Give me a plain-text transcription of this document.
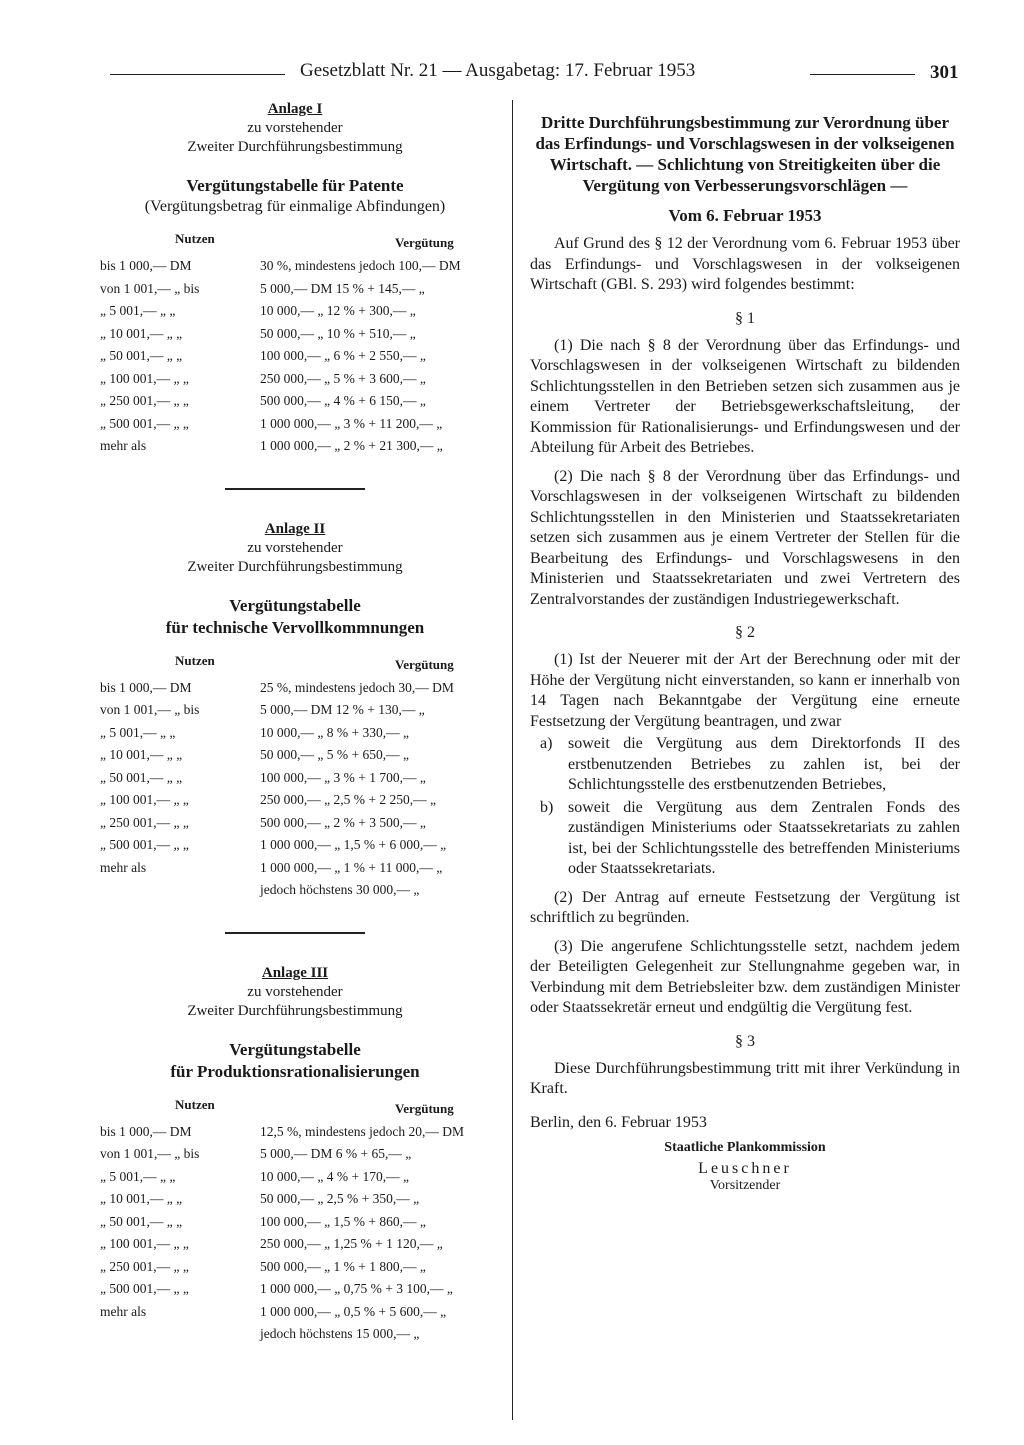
Gesetzblatt Nr. 21 — Ausgabetag: 17. Februar 1953	301
Anlage I
zu vorstehender
Zweiter Durchführungsbestimmung
Vergütungstabelle für Patente
(Vergütungsbetrag für einmalige Abfindungen)
Nutzen	Vergütung
bis 1 000,— DM	30 %, mindestens jedoch 100,— DM
von 1 001,— „ bis	5 000,— DM 15 % + 145,— „
„ 5 001,— „ „	10 000,— „ 12 % + 300,— „
„ 10 001,— „ „	50 000,— „ 10 % + 510,— „
„ 50 001,— „ „	100 000,— „ 6 % + 2 550,— „
„ 100 001,— „ „	250 000,— „ 5 % + 3 600,— „
„ 250 001,— „ „	500 000,— „ 4 % + 6 150,— „
„ 500 001,— „ „	1 000 000,— „ 3 % + 11 200,— „
mehr als	1 000 000,— „ 2 % + 21 300,— „
Anlage II
zu vorstehender
Zweiter Durchführungsbestimmung
Vergütungstabelle
für technische Vervollkommnungen
Nutzen	Vergütung
bis 1 000,— DM	25 %, mindestens jedoch 30,— DM
von 1 001,— „ bis	5 000,— DM 12 % + 130,— „
„ 5 001,— „ „	10 000,— „ 8 % + 330,— „
„ 10 001,— „ „	50 000,— „ 5 % + 650,— „
„ 50 001,— „ „	100 000,— „ 3 % + 1 700,— „
„ 100 001,— „ „	250 000,— „ 2,5 % + 2 250,— „
„ 250 001,— „ „	500 000,— „ 2 % + 3 500,— „
„ 500 001,— „ „	1 000 000,— „ 1,5 % + 6 000,— „
mehr als	1 000 000,— „ 1 % + 11 000,— „
jedoch höchstens 30 000,— „
Anlage III
zu vorstehender
Zweiter Durchführungsbestimmung
Vergütungstabelle
für Produktionsrationalisierungen
Nutzen	Vergütung
bis 1 000,— DM	12,5 %, mindestens jedoch 20,— DM
von 1 001,— „ bis	5 000,— DM 6 % + 65,— „
„ 5 001,— „ „	10 000,— „ 4 % + 170,— „
„ 10 001,— „ „	50 000,— „ 2,5 % + 350,— „
„ 50 001,— „ „	100 000,— „ 1,5 % + 860,— „
„ 100 001,— „ „	250 000,— „ 1,25 % + 1 120,— „
„ 250 001,— „ „	500 000,— „ 1 % + 1 800,— „
„ 500 001,— „ „	1 000 000,— „ 0,75 % + 3 100,— „
mehr als	1 000 000,— „ 0,5 % + 5 600,— „
jedoch höchstens 15 000,— „
Dritte Durchführungsbestimmung zur Verordnung über das Erfindungs- und Vorschlagswesen in der volkseigenen Wirtschaft. — Schlichtung von Streitigkeiten über die Vergütung von Verbesserungsvorschlägen —
Vom 6. Februar 1953

Auf Grund des § 12 der Verordnung vom 6. Februar 1953 über das Erfindungs- und Vorschlagswesen in der volkseigenen Wirtschaft (GBl. S. 293) wird folgendes bestimmt:

§ 1

(1) Die nach § 8 der Verordnung über das Erfindungs- und Vorschlagswesen in der volkseigenen Wirtschaft zu bildenden Schlichtungsstellen in den Betrieben setzen sich zusammen aus je einem Vertreter der Betriebsgewerkschaftsleitung, der Kommission für Rationalisierungs- und Erfindungswesen und der Abteilung für Arbeit des Betriebes.

(2) Die nach § 8 der Verordnung über das Erfindungs- und Vorschlagswesen in der volkseigenen Wirtschaft zu bildenden Schlichtungsstellen in den Ministerien und Staatssekretariaten setzen sich zusammen aus je einem Vertreter der Stellen für die Bearbeitung des Erfindungs- und Vorschlagswesens in den Ministerien und Staatssekretariaten und zwei Vertretern des Zentralvorstandes der zuständigen Industriegewerkschaft.

§ 2

(1) Ist der Neuerer mit der Art der Berechnung oder mit der Höhe der Vergütung nicht einverstanden, so kann er innerhalb von 14 Tagen nach Bekanntgabe der Vergütung eine erneute Festsetzung der Vergütung beantragen, und zwar

a) soweit die Vergütung aus dem Direktorfonds II des erstbenutzenden Betriebes zu zahlen ist, bei der Schlichtungsstelle des erstbenutzenden Betriebes,
b) soweit die Vergütung aus dem Zentralen Fonds des zuständigen Ministeriums oder Staatssekretariats zu zahlen ist, bei der Schlichtungsstelle des betreffenden Ministeriums oder Staatssekretariats.

(2) Der Antrag auf erneute Festsetzung der Vergütung ist schriftlich zu begründen.

(3) Die angerufene Schlichtungsstelle setzt, nachdem jedem der Beteiligten Gelegenheit zur Stellungnahme gegeben war, in Verbindung mit dem Betriebsleiter bzw. dem zuständigen Minister oder Staatssekretär erneut und endgültig die Vergütung fest.

§ 3

Diese Durchführungsbestimmung tritt mit ihrer Verkündung in Kraft.

Berlin, den 6. Februar 1953
Staatliche Plankommission
Leuschner
Vorsitzender
